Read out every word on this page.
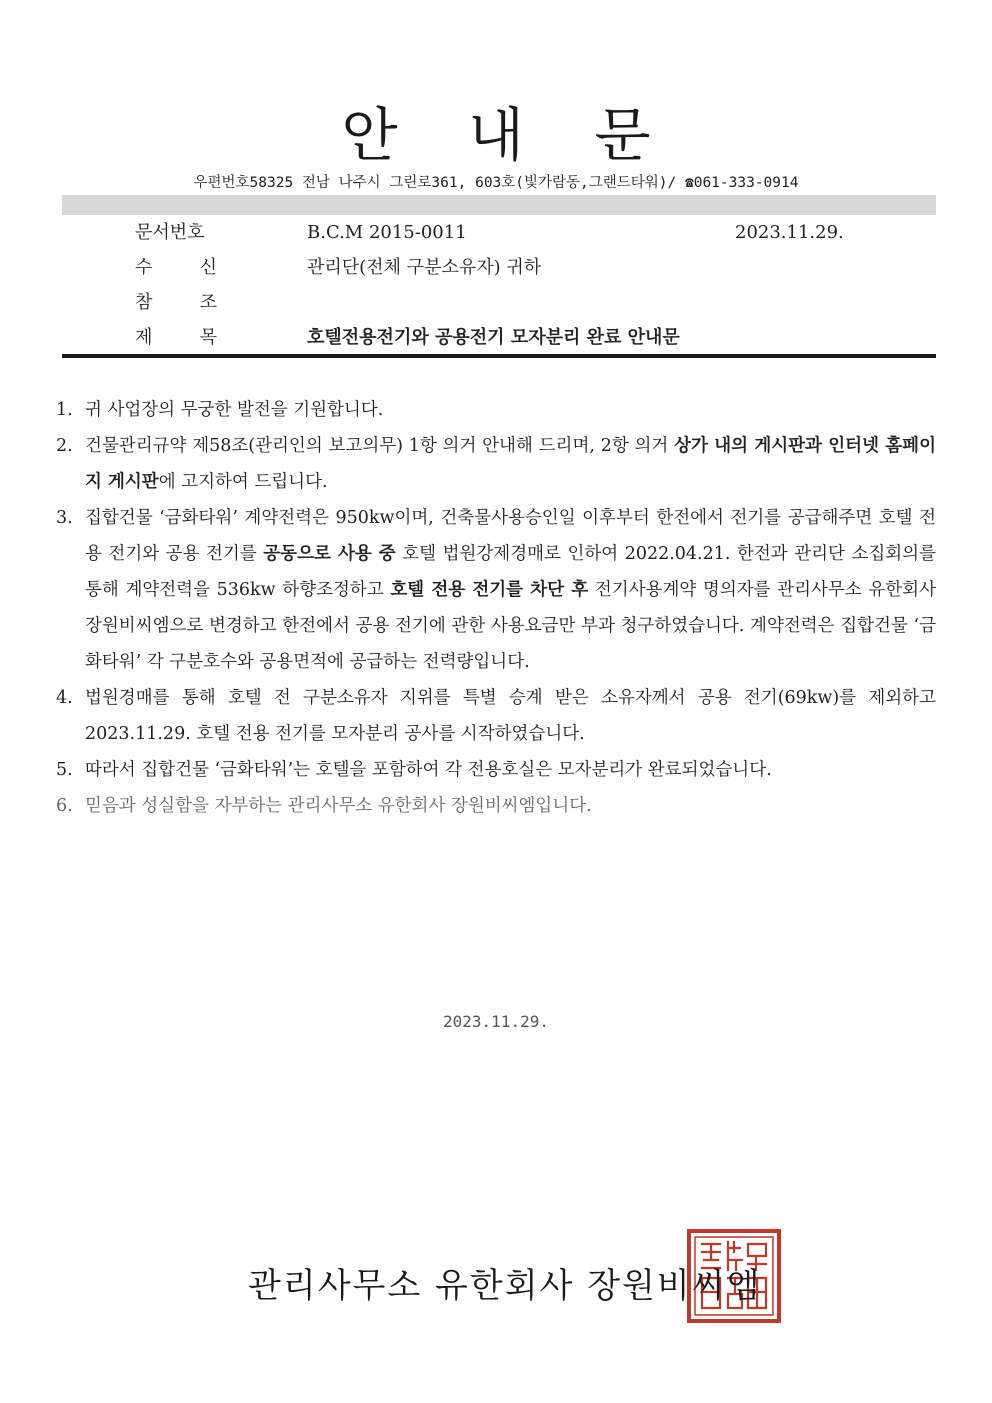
안 내 문
우편번호58325 전남 나주시 그린로361, 603호(빛가람동,그랜드타워)/ ☎061-333-0914
문서번호	B.C.M 2015-0011	2023.11.29.
수 신	관리단(전체 구분소유자) 귀하
참 조
제 목	호텔전용전기와 공용전기 모자분리 완료 안내문
1. 귀 사업장의 무궁한 발전을 기원합니다.
2. 건물관리규약 제58조(관리인의 보고의무) 1항 의거 안내해 드리며, 2항 의거 상가 내의 게시판과 인터넷 홈페이지 게시판에 고지하여 드립니다.
3. 집합건물 ‘금화타워’ 계약전력은 950kw이며, 건축물사용승인일 이후부터 한전에서 전기를 공급해주면 호텔 전용 전기와 공용 전기를 공동으로 사용 중 호텔 법원강제경매로 인하여 2022.04.21. 한전과 관리단 소집회의를 통해 계약전력을 536kw 하향조정하고 호텔 전용 전기를 차단 후 전기사용계약 명의자를 관리사무소 유한회사 장원비씨엠으로 변경하고 한전에서 공용 전기에 관한 사용요금만 부과 청구하였습니다. 계약전력은 집합건물 ‘금화타워’ 각 구분호수와 공용면적에 공급하는 전력량입니다.
4. 법원경매를 통해 호텔 전 구분소유자 지위를 특별 승계 받은 소유자께서 공용 전기(69kw)를 제외하고 2023.11.29. 호텔 전용 전기를 모자분리 공사를 시작하였습니다.
5. 따라서 집합건물 ‘금화타워’는 호텔을 포함하여 각 전용호실은 모자분리가 완료되었습니다.
6. 믿음과 성실함을 자부하는 관리사무소 유한회사 장원비씨엠입니다.
2023.11.29.
관리사무소 유한회사 장원비씨엠
